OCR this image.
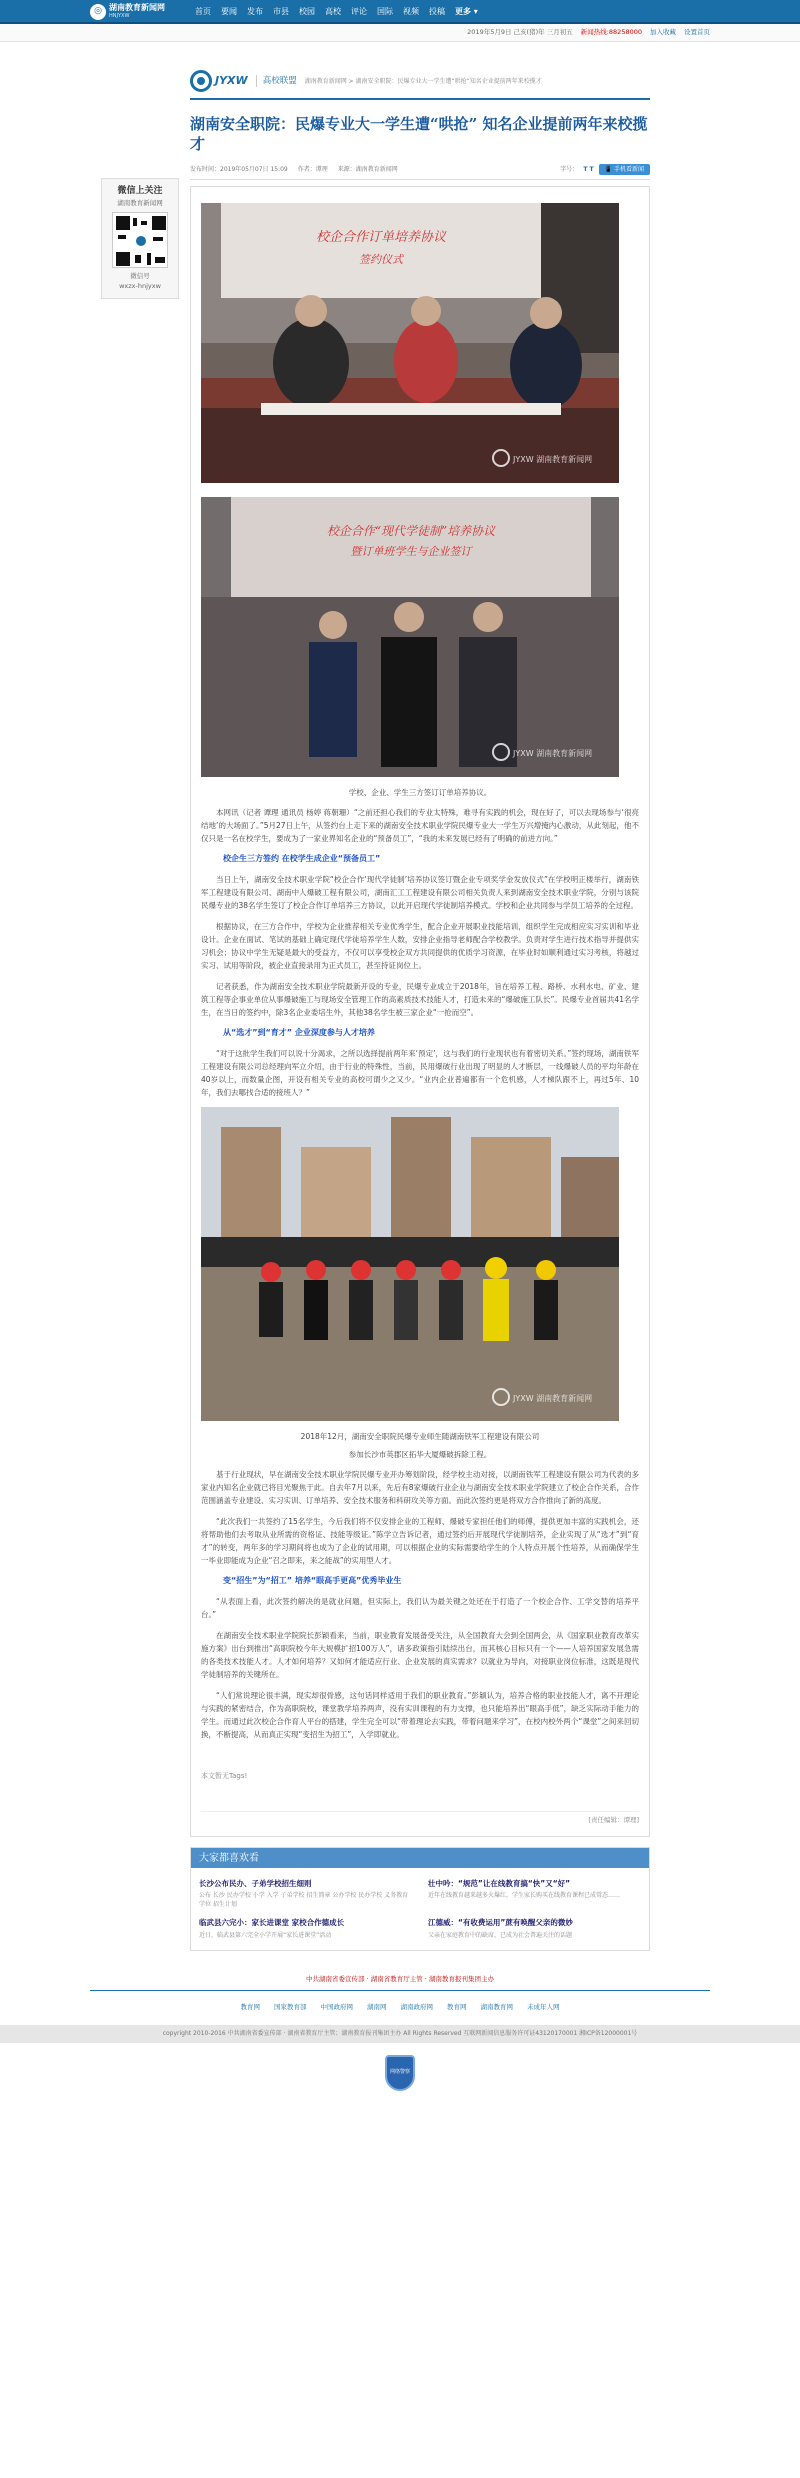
◎ 湖南教育新闻网
HNJYXW	首页	要闻	发布	市县	校园	高校	评论	国际	视频	投稿	更多 ▾
2019年5月9日 己亥(猪)年 三月初五 新闻热线:88258000 加入收藏 设置首页
微信上关注
湖南教育新闻网
微信号
wxzx-hnjyxw
JYXW	高校联盟 湖南教育新闻网 > 湖南安全职院：民爆专业大一学生遭“哄抢”知名企业提前两年来校揽才
湖南安全职院：民爆专业大一学生遭“哄抢” 知名企业提前两年来校揽才
发布时间：2019年05月07日 15:09 作者：谭理 来源：湖南教育新闻网	字号： T T	📱 手机看新闻
校企合作订单培养协议
签约仪式
JYXW 湖南教育新闻网
校企合作“现代学徒制”培养协议
暨订单班学生与企业签订
JYXW 湖南教育新闻网
学校、企业、学生三方签订订单培养协议。

本网讯（记者 谭理 通讯员 杨婷 蒋朝珊）“之前还担心我们的专业太特殊，难寻有实践的机会，现在好了，可以去现场参与‘很亮结地’的大场面了。”5月27日上午，从签约台上走下来的湖南安全技术职业学院民爆专业大一学生万兴增掩内心激动，从此刻起，他不仅只是一名在校学生，要成为了一家业界知名企业的“预备员工”，“我的未来发展已经有了明确的前进方向。”

校企生三方签约 在校学生成企业“预备员工”

当日上午，湖南安全技术职业学院“校企合作‘现代学徒制’培养协议签订暨企业专项奖学金发放仪式”在学校明正楼举行，湖南铁军工程建设有限公司、湖南中人爆破工程有限公司，湖南汇工工程建设有限公司相关负责人来到湖南安全技术职业学院，分别与该院民爆专业的38名学生签订了校企合作订单培养三方协议，以此开启现代学徒制培养模式。学校和企业共同参与学员工培养的全过程。

根据协议，在三方合作中，学校为企业推荐相关专业优秀学生，配合企业开展职业技能培训，组织学生完成相应实习实训和毕业设计。企业在面试、笔试的基础上确定现代学徒培养学生人数，安排企业指导老师配合学校教学。负责对学生进行技术指导并提供实习机会；协议中学生无疑是最大的受益方，不仅可以享受校企双方共同提供的优质学习资源，在毕业时如顺利通过实习考核，将越过实习、试用等阶段，被企业直接录用为正式员工，甚至持证岗位上。

记者获悉，作为湖南安全技术职业学院最新开设的专业，民爆专业成立于2018年，旨在培养工程、路桥、水利水电、矿业、建筑工程等企事业单位从事爆破施工与现场安全管理工作的高素质技术技能人才，打造未来的“爆破施工队长”。民爆专业首届共41名学生，在当日的签约中，除3名企业委培生外，其他38名学生被三家企业“一抢而空”。

从“选才”到“育才” 企业深度参与人才培养

“对于这批学生我们可以说十分渴求，之所以选择提前两年来‘预定’，这与我们的行业现状也有着密切关系。”签约现场，湖南铁军工程建设有限公司总经理向军立介绍，由于行业的特殊性，当前，民用爆破行业出现了明显的人才断层，一线爆破人员的平均年龄在40岁以上，而数量企图，开设有相关专业的高校可谓少之又少。“业内企业普遍都有一个危机感，人才梯队跟不上，再过5年、10年，我们去哪找合适的接班人？”

JYXW 湖南教育新闻网
2018年12月，湖南安全职院民爆专业师生随湖南铁军工程建设有限公司
参加长沙市英郡区拓华大厦爆破拆除工程。

基于行业现状，早在湖南安全技术职业学院民爆专业开办筹划阶段，经学校主动对接，以湖南铁军工程建设有限公司为代表的多家业内知名企业就已将目光聚焦于此。自去年7月以来，先后有8家爆破行业企业与湖南安全技术职业学院建立了校企合作关系，合作范围涵盖专业建设、实习实训、订单培养、安全技术服务和科研攻关等方面。而此次签约更是将双方合作推向了新的高度。

“此次我们一共签约了15名学生，今后我们将不仅安排企业的工程师、爆破专家担任他们的师傅，提供更加丰富的实践机会，还将帮助他们去考取从业所需的资格证、技能等级证。”陈学立告诉记者，通过签约后开展现代学徒制培养，企业实现了从“选才”到“育才”的转变，两年多的学习期间将也成为了企业的试用期，可以根据企业的实际需要给学生的个人特点开展个性培养，从而确保学生一毕业即能成为企业“召之即来，来之能战”的实用型人才。

变“招生”为“招工” 培养“眼高手更高”优秀毕业生

“从表面上看，此次签约解决的是就业问题，但实际上，我们认为最关键之处还在于打造了一个校企合作、工学交替的培养平台。”

在湖南安全技术职业学院院长彭颖看来，当前，职业教育发展备受关注，从全国教育大会到全国两会，从《国家职业教育改革实施方案》出台到推出“高职院校今年大规模扩招100万人”，诸多政策指引陆续出台，而其核心目标只有一个——人培养国家发展急需的各类技术技能人才。人才如何培养？又如何才能适应行业、企业发展的真实需求？以就业为导向，对接职业岗位标准，这既是现代学徒制培养的关键所在。

“人们常说理论很丰满，现实却很骨感，这句话同样适用于我们的职业教育。”彭颖认为，培养合格的职业技能人才，离不开理论与实践的紧密结合，作为高职院校，课堂教学培养两声，没有实训课程的有力支撑，也只能培养出“眼高手低”，缺乏实际动手能力的学生。而通过此次校企合作育人平台的搭建，学生完全可以“带着理论去实践，带着问题来学习”，在校内校外两个“课堂”之间来回切换，不断提高，从而真正实现“变招生为招工”，入学即就业。

本文暂无Tags!
[责任编辑：谭理]
大家都喜欢看
长沙公布民办、子弟学校招生细则
公布 长沙 民办学校 小学 入学 子弟学校 招生简章 公办学校 民办学校 义务教育 学位 招生计划
壮中吟：“规范”让在线教育搞“快”又“好”
近年在线教育越来越多火爆红，学生家长购买在线教育课程已成常态……
临武县六完小：家长进课堂 家校合作德成长
近日，临武县第六完全小学开展“家长进课堂”活动
江德威：“有收费运用”蔗有唤醒父亲的微妙
父亲在家庭教育中的缺席，已成为社会普遍关注的话题
中共湖南省委宣传部 · 湖南省教育厅主管 · 湖南教育报刊集团主办
教育网 国家教育部 中国政府网 湖南网 湖南政府网 教育网 湖南教育网 未成年人网
copyright 2010-2016 中共湖南省委宣传部 · 湖南省教育厅主管；湖南教育报刊集团主办 All Rights Reserved 互联网新闻信息服务许可证43120170001 湘ICP备12000001号
网络警察
